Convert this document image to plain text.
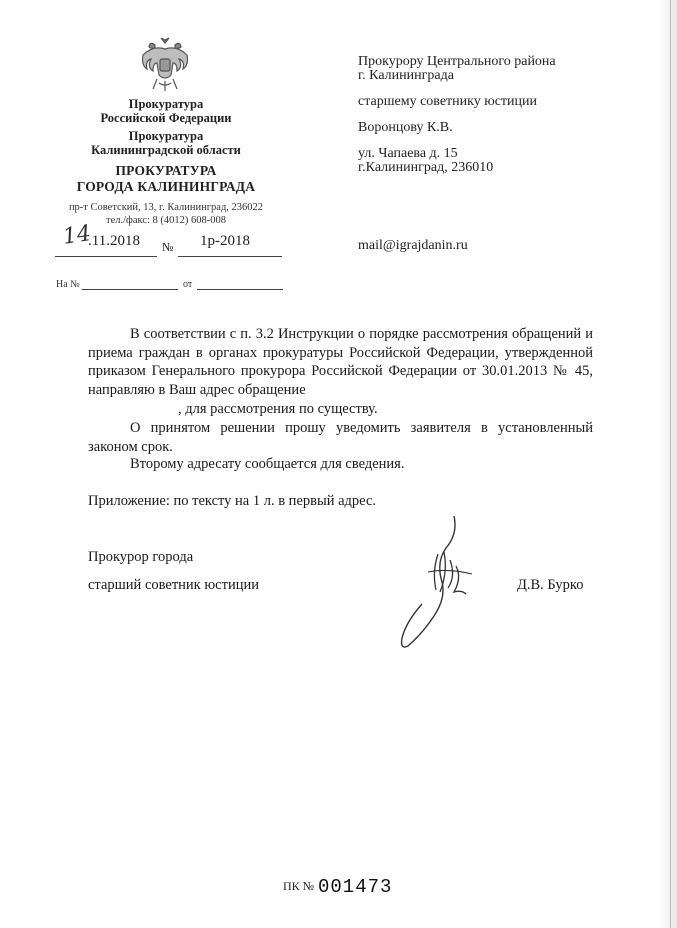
Прокуратура
Российской Федерации
Прокуратура
Калининградской области
ПРОКУРАТУРА
ГОРОДА КАЛИНИНГРАДА
пр-т Советский, 13, г. Калининград, 236022
тел./факс: 8 (4012) 608-008
14
.11.2018 № 1р-2018
На №	от
Прокурору Центрального района
г. Калининграда
старшему советнику юстиции
Воронцову К.В.
ул. Чапаева д. 15
г.Калининград, 236010
mail@igrajdanin.ru
В соответствии с п. 3.2 Инструкции о порядке рассмотрения обращений и приема граждан в органах прокуратуры Российской Федерации, утвержденной приказом Генерального прокурора Российской Федерации от 30.01.2013 № 45, направляю в Ваш адрес обращение
, для рассмотрения по существу.
О принятом решении прошу уведомить заявителя в установленный законом срок.
Второму адресату сообщается для сведения.
Приложение: по тексту на 1 л. в первый адрес.
Прокурор города
старший советник юстиции	Д.В. Бурко
ПК № 001473
